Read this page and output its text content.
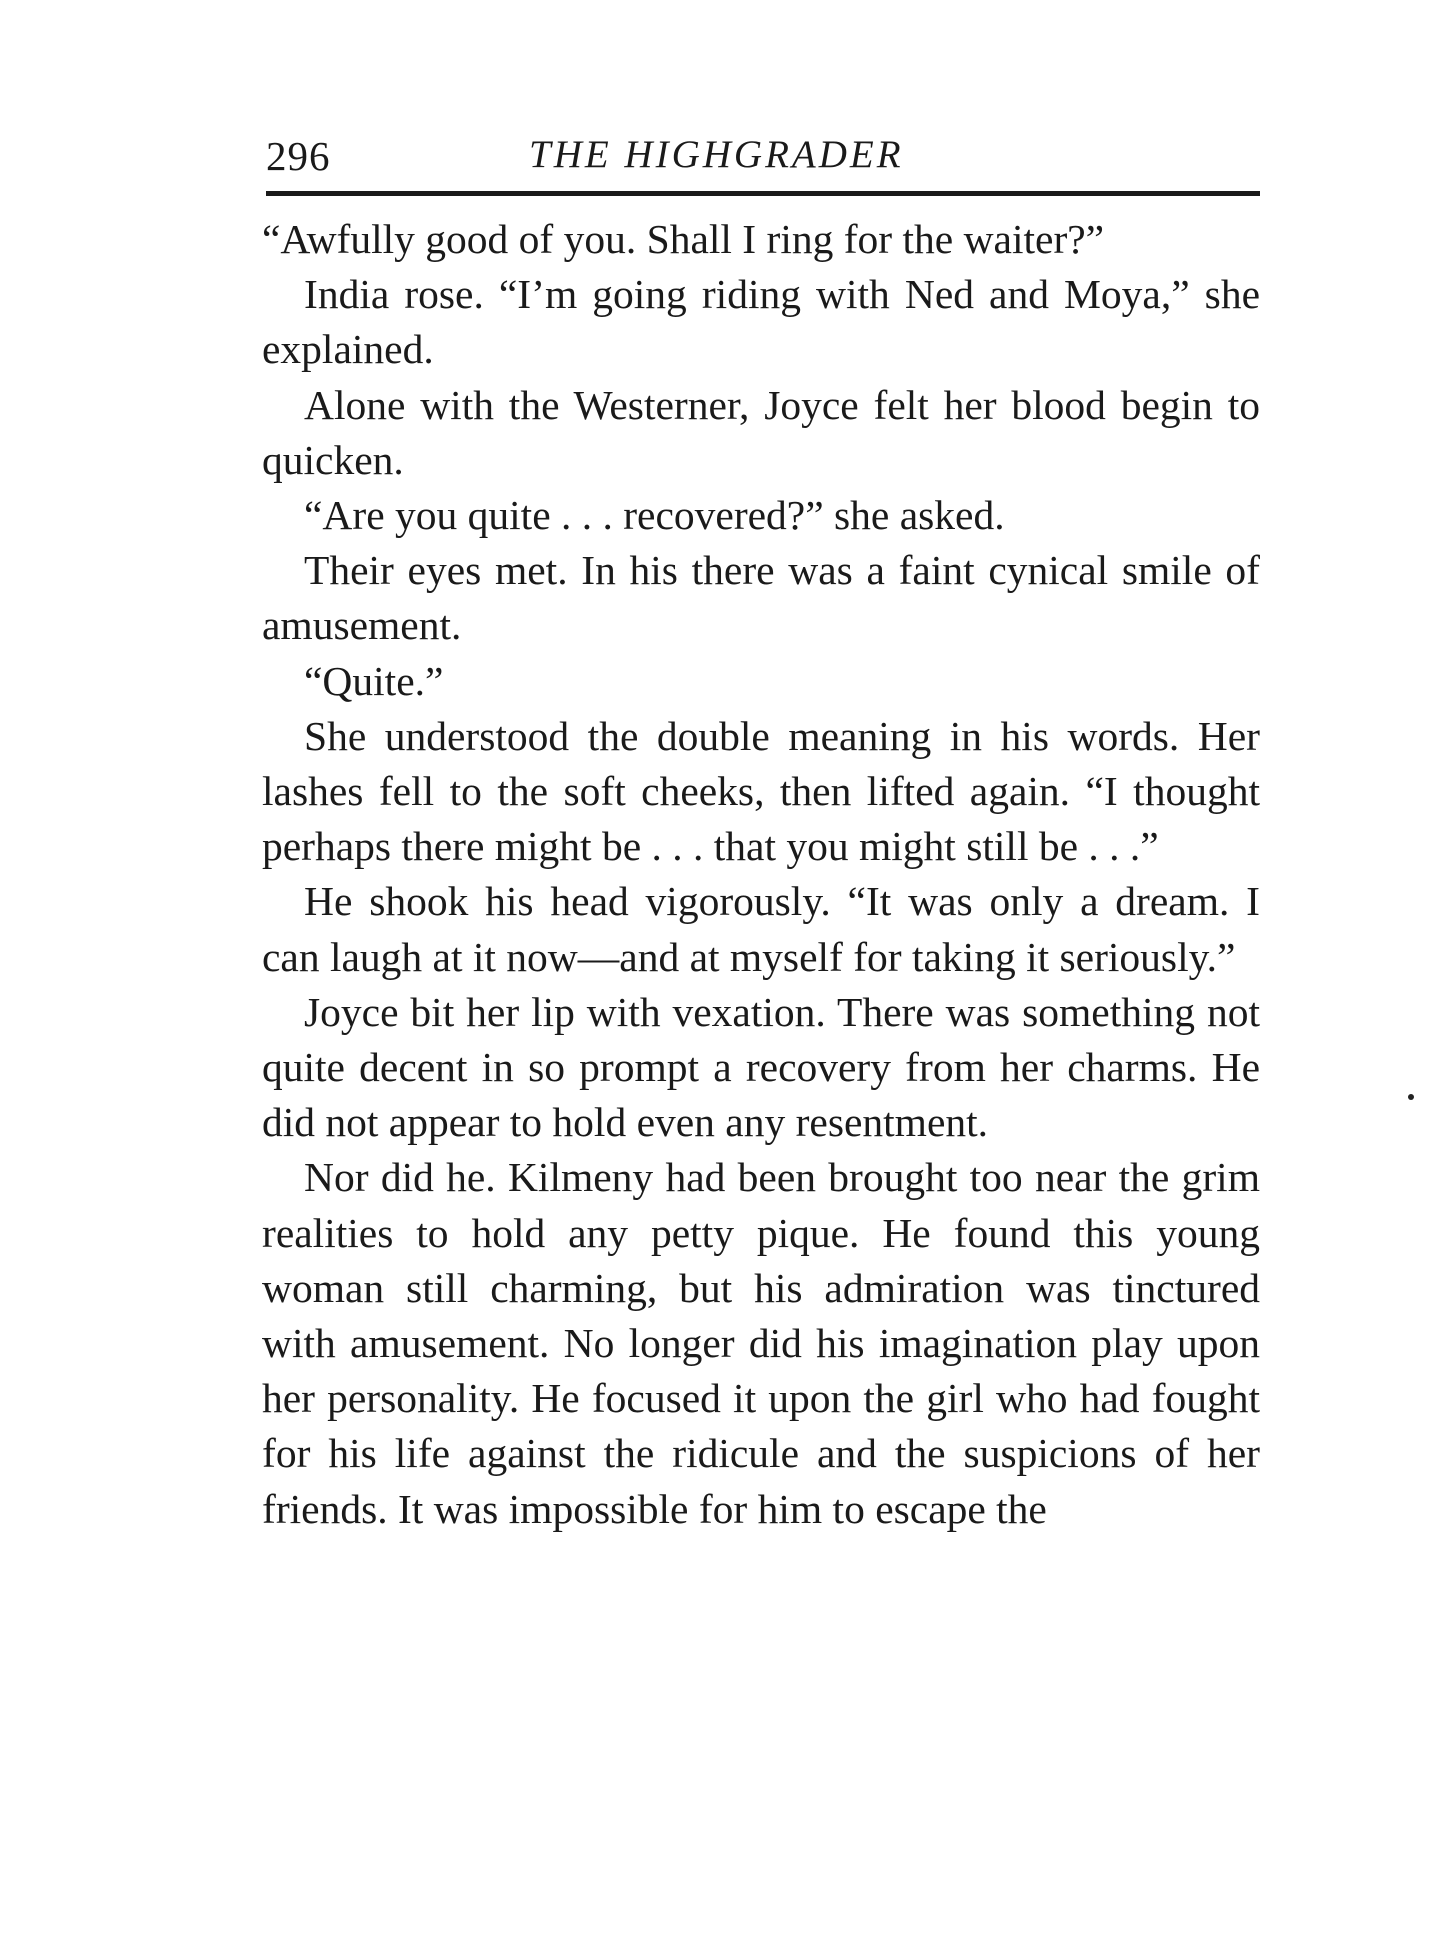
296	THE HIGHGRADER

“Awfully good of you. Shall I ring for the waiter?”

India rose. “I’m going riding with Ned and Moya,” she explained.

Alone with the Westerner, Joyce felt her blood begin to quicken.

“Are you quite . . . recovered?” she asked.

Their eyes met. In his there was a faint cynical smile of amusement.

“Quite.”

She understood the double meaning in his words. Her lashes fell to the soft cheeks, then lifted again. “I thought perhaps there might be . . . that you might still be . . .”

He shook his head vigorously. “It was only a dream. I can laugh at it now—and at myself for taking it seriously.”

Joyce bit her lip with vexation. There was something not quite decent in so prompt a recovery from her charms. He did not appear to hold even any resentment.

Nor did he. Kilmeny had been brought too near the grim realities to hold any petty pique. He found this young woman still charming, but his admiration was tinctured with amusement. No longer did his imagination play upon her personality. He focused it upon the girl who had fought for his life against the ridicule and the suspicions of her friends. It was impossible for him to escape the
